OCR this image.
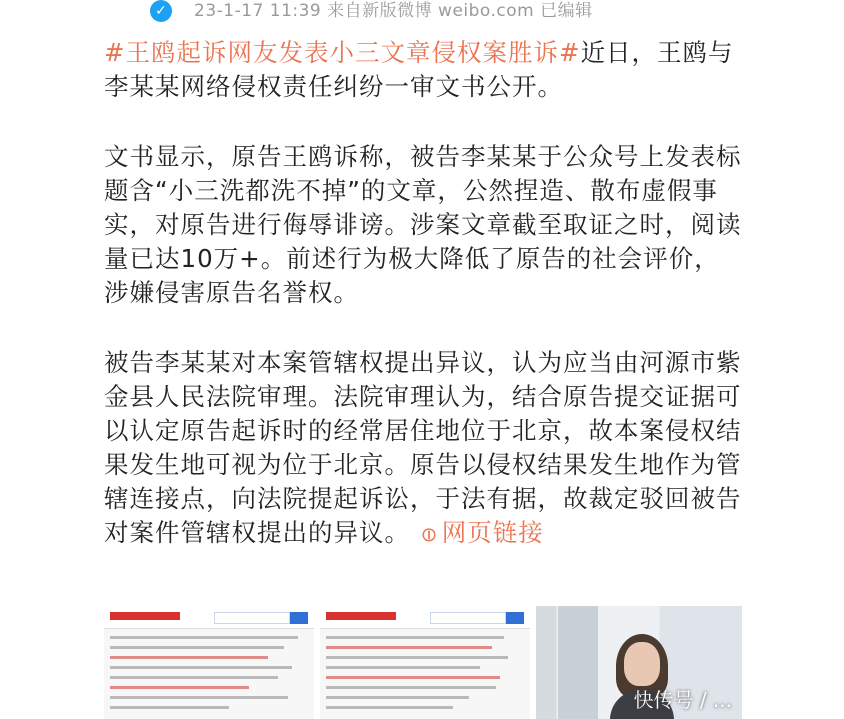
✓	23-1-17 11:39 来自新版微博 weibo.com 已编辑

#王鸥起诉网友发表小三文章侵权案胜诉#近日，王鸥与李某某网络侵权责任纠纷一审文书公开。

文书显示，原告王鸥诉称，被告李某某于公众号上发表标题含“小三洗都洗不掉”的文章，公然捏造、散布虚假事实，对原告进行侮辱诽谤。涉案文章截至取证之时，阅读量已达10万+。前述行为极大降低了原告的社会评价，涉嫌侵害原告名誉权。

被告李某某对本案管辖权提出异议，认为应当由河源市紫金县人民法院审理。法院审理认为，结合原告提交证据可以认定原告起诉时的经常居住地位于北京，故本案侵权结果发生地可视为位于北京。原告以侵权结果发生地作为管辖连接点，向法院提起诉讼，于法有据，故裁定驳回被告对案件管辖权提出的异议。 ⊘网页链接

快传号 / ...
